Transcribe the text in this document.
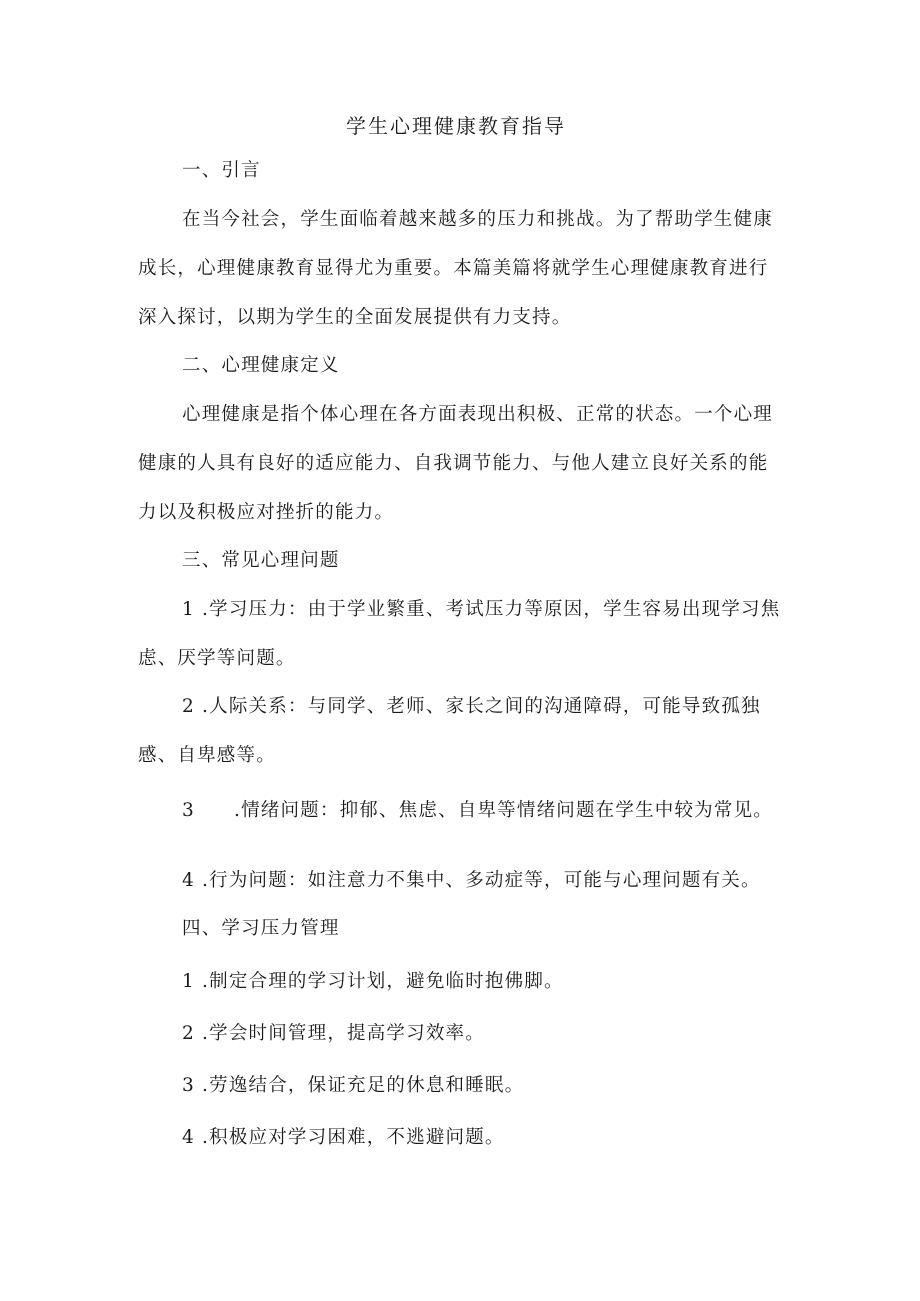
学生心理健康教育指导
一、引言
在当今社会，学生面临着越来越多的压力和挑战。为了帮助学生健康
成长，心理健康教育显得尤为重要。本篇美篇将就学生心理健康教育进行
深入探讨，以期为学生的全面发展提供有力支持。
二、心理健康定义
心理健康是指个体心理在各方面表现出积极、正常的状态。一个心理
健康的人具有良好的适应能力、自我调节能力、与他人建立良好关系的能
力以及积极应对挫折的能力。
三、常见心理问题
1 .学习压力：由于学业繁重、考试压力等原因，学生容易出现学习焦
虑、厌学等问题。
2 .人际关系：与同学、老师、家长之间的沟通障碍，可能导致孤独
感、自卑感等。
3 .情绪问题：抑郁、焦虑、自卑等情绪问题在学生中较为常见。
4 .行为问题：如注意力不集中、多动症等，可能与心理问题有关。
四、学习压力管理
1 .制定合理的学习计划，避免临时抱佛脚。
2 .学会时间管理，提高学习效率。
3 .劳逸结合，保证充足的休息和睡眠。
4 .积极应对学习困难，不逃避问题。
